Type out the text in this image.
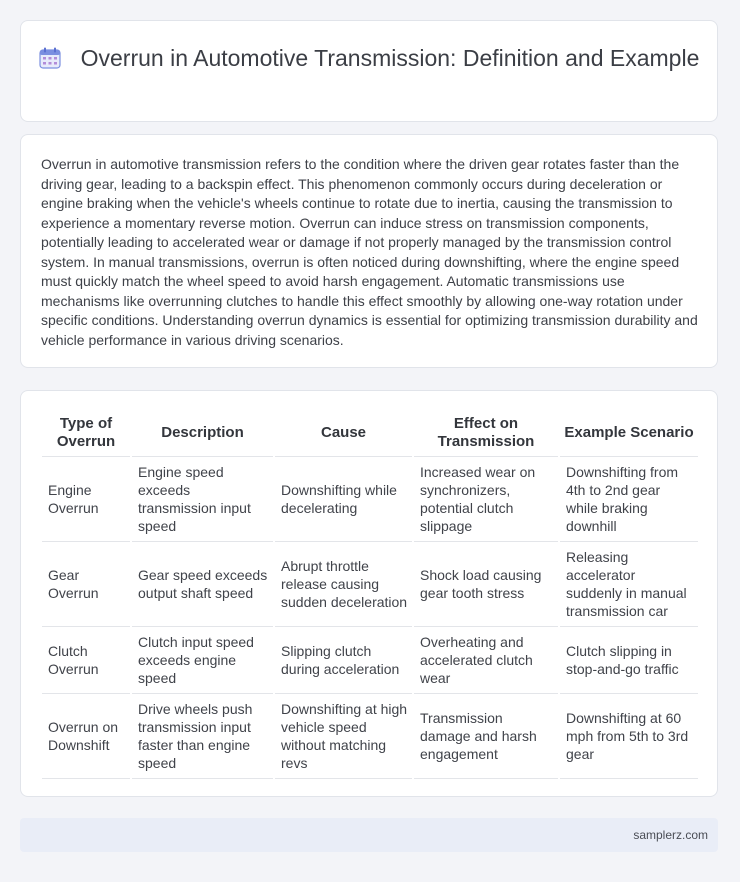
Overrun in Automotive Transmission: Definition and Example
Overrun in automotive transmission refers to the condition where the driven gear rotates faster than the driving gear, leading to a backspin effect. This phenomenon commonly occurs during deceleration or engine braking when the vehicle's wheels continue to rotate due to inertia, causing the transmission to experience a momentary reverse motion. Overrun can induce stress on transmission components, potentially leading to accelerated wear or damage if not properly managed by the transmission control system. In manual transmissions, overrun is often noticed during downshifting, where the engine speed must quickly match the wheel speed to avoid harsh engagement. Automatic transmissions use mechanisms like overrunning clutches to handle this effect smoothly by allowing one-way rotation under specific conditions. Understanding overrun dynamics is essential for optimizing transmission durability and vehicle performance in various driving scenarios.
Type of Overrun	Description	Cause	Effect on Transmission	Example Scenario
Engine Overrun	Engine speed exceeds transmission input speed	Downshifting while decelerating	Increased wear on synchronizers, potential clutch slippage	Downshifting from 4th to 2nd gear while braking downhill
Gear Overrun	Gear speed exceeds output shaft speed	Abrupt throttle release causing sudden deceleration	Shock load causing gear tooth stress	Releasing accelerator suddenly in manual transmission car
Clutch Overrun	Clutch input speed exceeds engine speed	Slipping clutch during acceleration	Overheating and accelerated clutch wear	Clutch slipping in stop-and-go traffic
Overrun on Downshift	Drive wheels push transmission input faster than engine speed	Downshifting at high vehicle speed without matching revs	Transmission damage and harsh engagement	Downshifting at 60 mph from 5th to 3rd gear
samplerz.com
